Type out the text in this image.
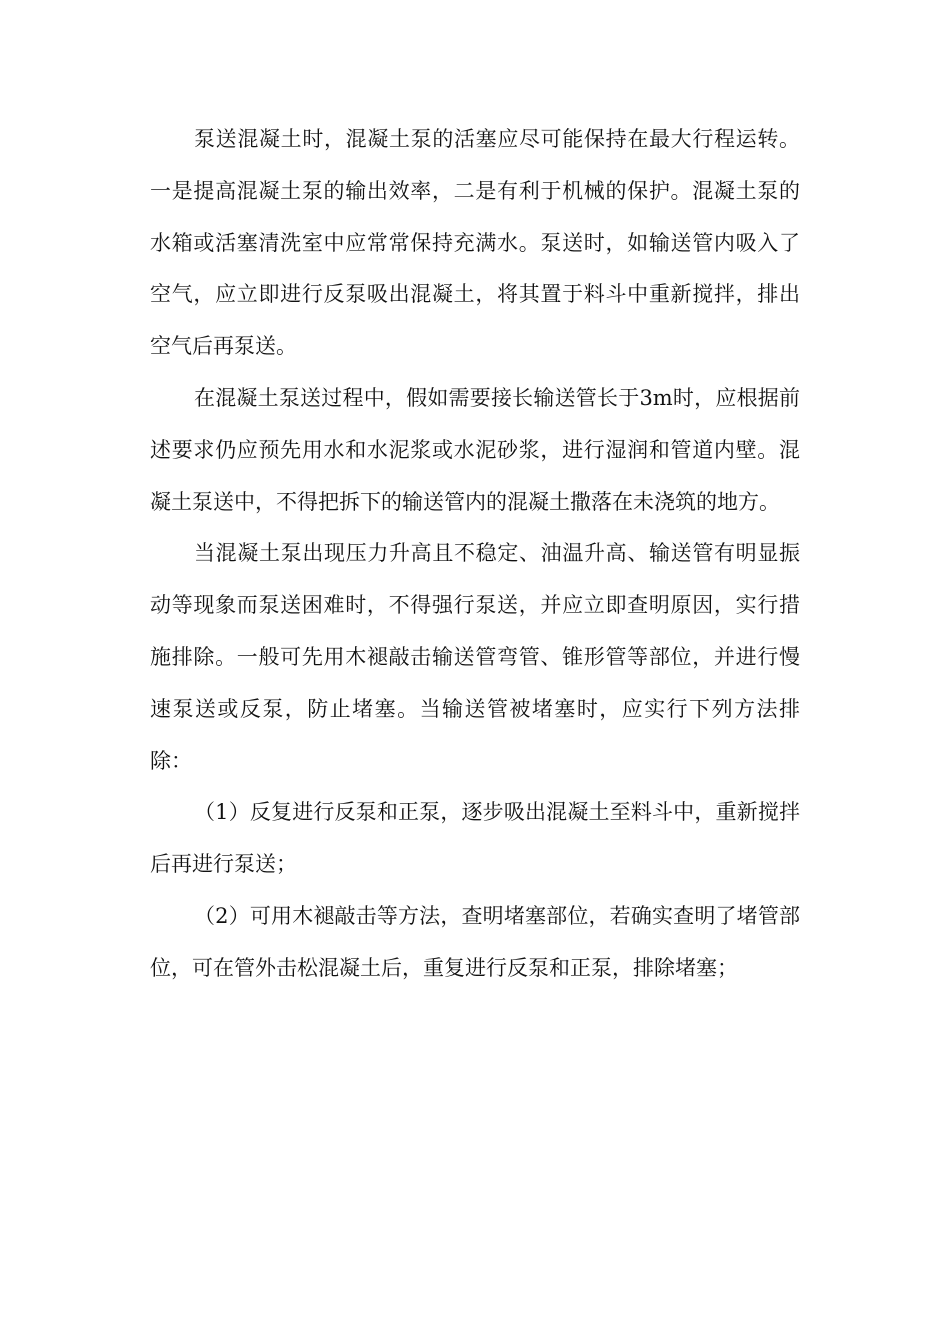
泵送混凝土时，混凝土泵的活塞应尽可能保持在最大行程运转。一是提高混凝土泵的输出效率，二是有利于机械的保护。混凝土泵的水箱或活塞清洗室中应常常保持充满水。泵送时，如输送管内吸入了空气，应立即进行反泵吸出混凝土，将其置于料斗中重新搅拌，排出空气后再泵送。

在混凝土泵送过程中，假如需要接长输送管长于3m时，应根据前述要求仍应预先用水和水泥浆或水泥砂浆，进行湿润和管道内壁。混凝土泵送中，不得把拆下的输送管内的混凝土撒落在未浇筑的地方。

当混凝土泵出现压力升高且不稳定、油温升高、输送管有明显振动等现象而泵送困难时，不得强行泵送，并应立即查明原因，实行措施排除。一般可先用木褪敲击输送管弯管、锥形管等部位，并进行慢速泵送或反泵，防止堵塞。当输送管被堵塞时，应实行下列方法排除：

（1）反复进行反泵和正泵，逐步吸出混凝土至料斗中，重新搅拌后再进行泵送；

（2）可用木褪敲击等方法，查明堵塞部位，若确实查明了堵管部位，可在管外击松混凝土后，重复进行反泵和正泵，排除堵塞；
